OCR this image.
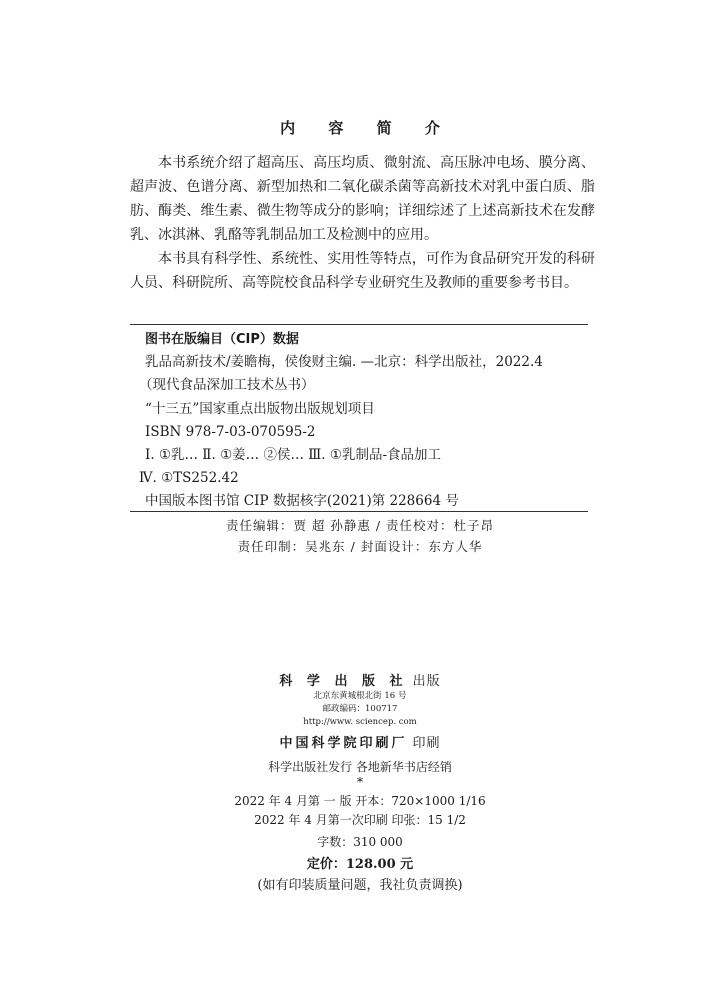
内 容 简 介

本书系统介绍了超高压、高压均质、微射流、高压脉冲电场、膜分离、超声波、色谱分离、新型加热和二氧化碳杀菌等高新技术对乳中蛋白质、脂肪、酶类、维生素、微生物等成分的影响；详细综述了上述高新技术在发酵乳、冰淇淋、乳酪等乳制品加工及检测中的应用。

本书具有科学性、系统性、实用性等特点，可作为食品研究开发的科研人员、科研院所、高等院校食品科学专业研究生及教师的重要参考书目。

图书在版编目（CIP）数据
乳品高新技术/姜瞻梅，侯俊财主编. —北京：科学出版社，2022.4
（现代食品深加工技术丛书）
“十三五”国家重点出版物出版规划项目
ISBN 978-7-03-070595-2
Ⅰ. ①乳… Ⅱ. ①姜… ②侯… Ⅲ. ①乳制品-食品加工
Ⅳ. ①TS252.42
中国版本图书馆 CIP 数据核字(2021)第 228664 号
责任编辑：贾 超 孙静惠 / 责任校对：杜子昂
责任印制：吴兆东 / 封面设计：东方人华
科 学 出 版 社 出版
北京东黄城根北街 16 号
邮政编码：100717
http://www. sciencep. com
中国科学院印刷厂 印刷
科学出版社发行 各地新华书店经销
*
2022 年 4 月第 一 版 开本：720×1000 1/16
2022 年 4 月第一次印刷 印张：15 1/2
字数：310 000
定价：128.00 元
(如有印装质量问题，我社负责调换)
